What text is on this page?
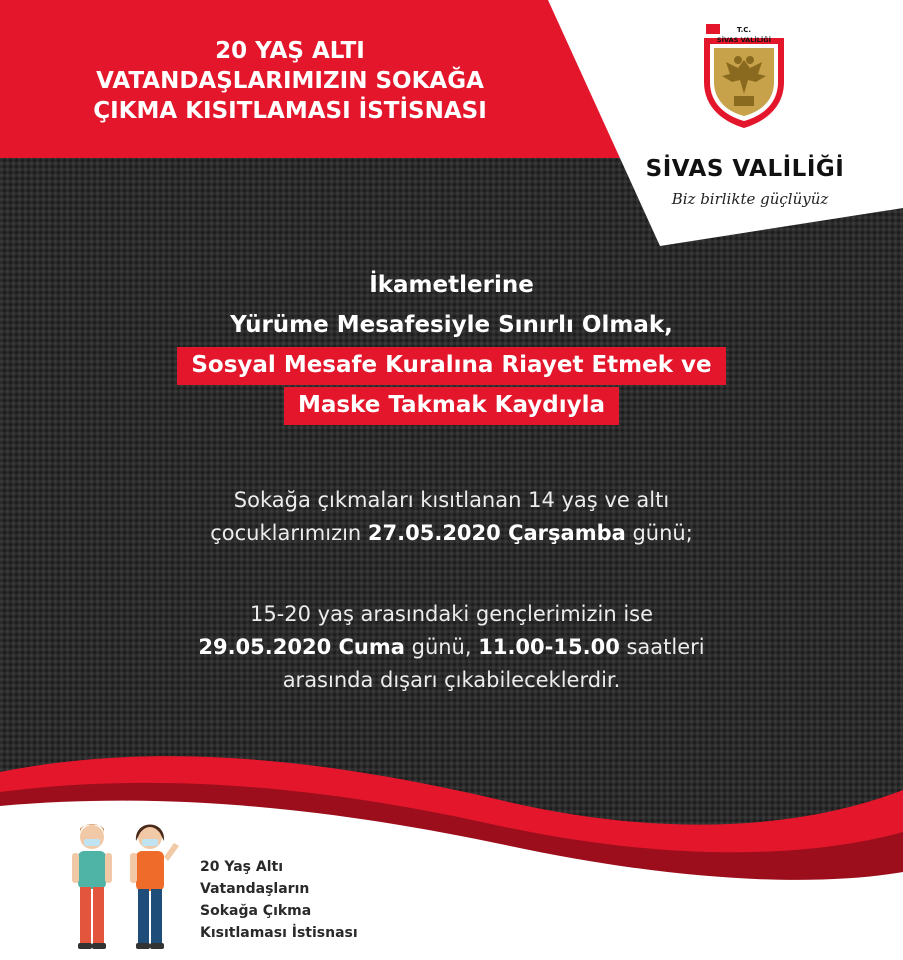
20 YAŞ ALTI
VATANDAŞLARIMIZIN SOKAĞA
ÇIKMA KISITLAMASI İSTİSNASI
T.C.
SİVAS VALİLİĞİ
SİVAS VALİLİĞİ
Biz birlikte güçlüyüz
İkametlerine
Yürüme Mesafesiyle Sınırlı Olmak,
Sosyal Mesafe Kuralına Riayet Etmek ve
Maske Takmak Kaydıyla
Sokağa çıkmaları kısıtlanan 14 yaş ve altı
çocuklarımızın 27.05.2020 Çarşamba günü;
15-20 yaş arasındaki gençlerimizin ise
29.05.2020 Cuma günü, 11.00-15.00 saatleri
arasında dışarı çıkabileceklerdir.
20 Yaş Altı
Vatandaşların
Sokağa Çıkma
Kısıtlaması İstisnası
